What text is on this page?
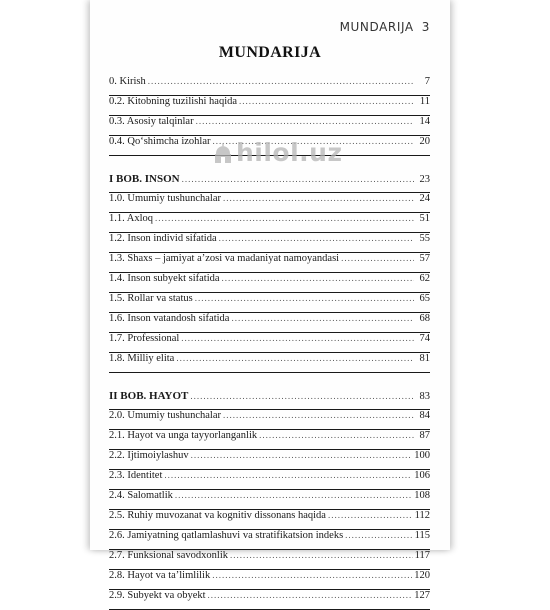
MUNDARIJA 3
MUNDARIJA
0. Kirish .....	7
0.2. Kitobning tuzilishi haqida .....	11
0.3. Asosiy talqinlar .....	14
0.4. Qo‘shimcha izohlar .....	20
I BOB. INSON .....	23
1.0. Umumiy tushunchalar .....	24
1.1. Axloq .....	51
1.2. Inson individ sifatida .....	55
1.3. Shaxs – jamiyat a’zosi va madaniyat namoyandasi .....	57
1.4. Inson subyekt sifatida .....	62
1.5. Rollar va status .....	65
1.6. Inson vatandosh sifatida .....	68
1.7. Professional .....	74
1.8. Milliy elita .....	81
II BOB. HAYOT .....	83
2.0. Umumiy tushunchalar .....	84
2.1. Hayot va unga tayyorlanganlik .....	87
2.2. Ijtimoiylashuv .....	100
2.3. Identitet .....	106
2.4. Salomatlik .....	108
2.5. Ruhiy muvozanat va kognitiv dissonans haqida .....	112
2.6. Jamiyatning qatlamlashuvi va stratifikatsion indeks .....	115
2.7. Funksional savodxonlik .....	117
2.8. Hayot va ta’limlilik .....	120
2.9. Subyekt va obyekt .....	127
hilol.uz
